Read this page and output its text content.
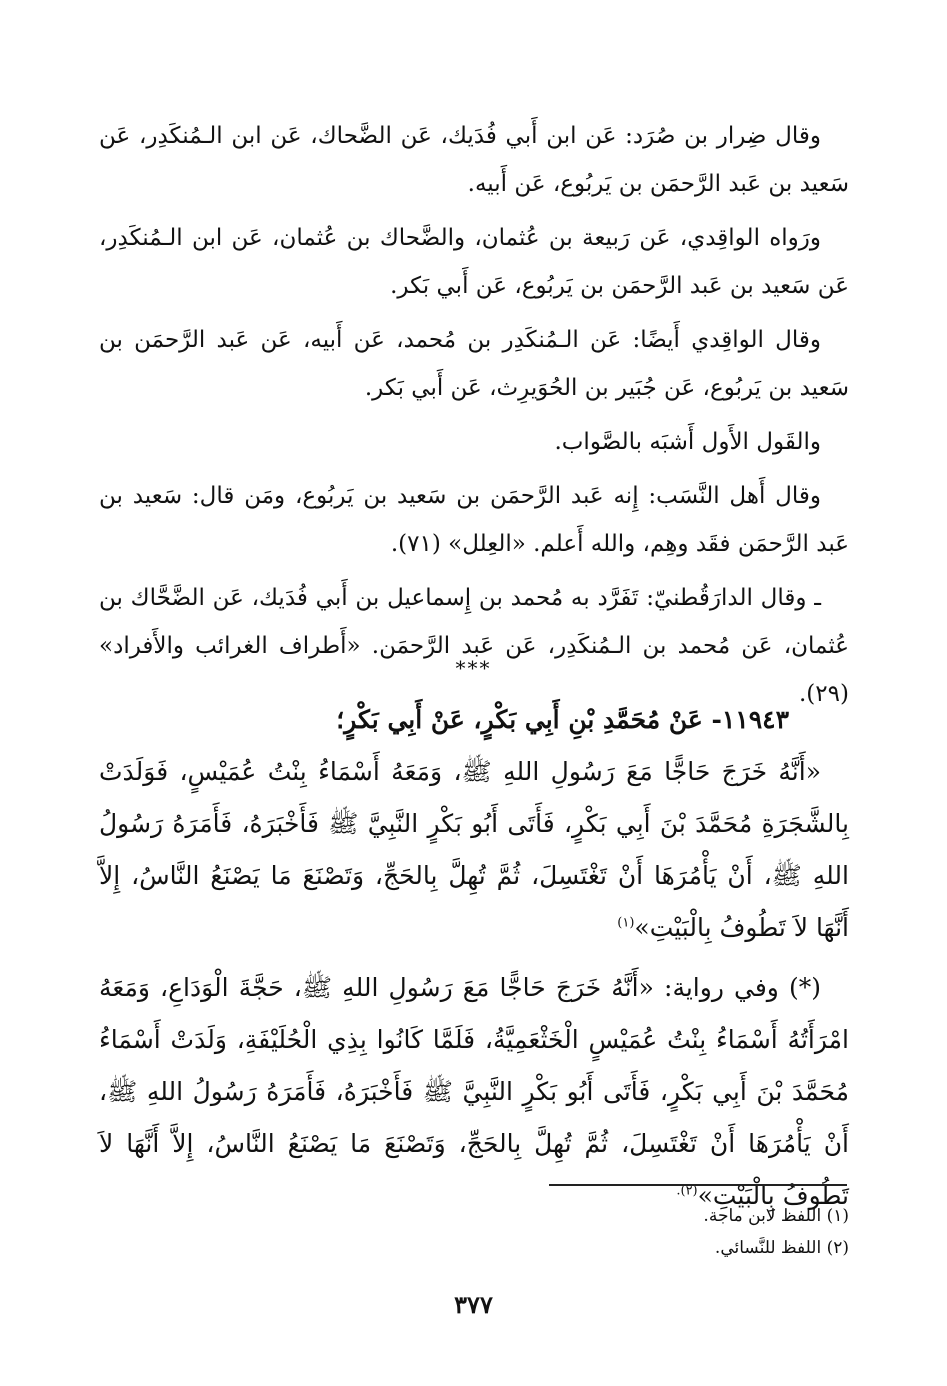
وقال ضِرار بن صُرَد: عَن ابن أَبي فُدَيك، عَن الضَّحاك، عَن ابن الـمُنكَدِر، عَن سَعيد بن عَبد الرَّحمَن بن يَربُوع، عَن أَبيه.

ورَواه الواقِدي، عَن رَبيعة بن عُثمان، والضَّحاك بن عُثمان، عَن ابن الـمُنكَدِر، عَن سَعيد بن عَبد الرَّحمَن بن يَربُوع، عَن أَبي بَكر.

وقال الواقِدي أَيضًا: عَن الـمُنكَدِر بن مُحمد، عَن أَبيه، عَن عَبد الرَّحمَن بن سَعيد بن يَربُوع، عَن جُبَير بن الحُوَيرِث، عَن أَبي بَكر.

والقَول الأَول أَشبَه بالصَّواب.

وقال أَهل النَّسَب: إِنه عَبد الرَّحمَن بن سَعيد بن يَربُوع، ومَن قال: سَعيد بن عَبد الرَّحمَن فقَد وهِم، والله أَعلم. «العِلل» (٧١).

ـ وقال الدارَقُطنيّ: تَفَرَّد به مُحمد بن إِسماعيل بن أَبي فُدَيك، عَن الضَّحَّاك بن عُثمان، عَن مُحمد بن الـمُنكَدِر، عَن عَبد الرَّحمَن. «أَطراف الغرائب والأَفراد» (٢٩).

***

١١٩٤٣- عَنْ مُحَمَّدِ بْنِ أَبِي بَكْرٍ، عَنْ أَبِي بَكْرٍ؛

«أَنَّهُ خَرَجَ حَاجًّا مَعَ رَسُولِ اللهِ ﷺ، وَمَعَهُ أَسْمَاءُ بِنْتُ عُمَيْسٍ، فَوَلَدَتْ بِالشَّجَرَةِ مُحَمَّدَ بْنَ أَبِي بَكْرٍ، فَأَتَى أَبُو بَكْرٍ النَّبِيَّ ﷺ فَأَخْبَرَهُ، فَأَمَرَهُ رَسُولُ اللهِ ﷺ، أَنْ يَأْمُرَهَا أَنْ تَغْتَسِلَ، ثُمَّ تُهِلَّ بِالحَجِّ، وَتَصْنَعَ مَا يَصْنَعُ النَّاسُ، إِلاَّ أَنَّهَا لاَ تَطُوفُ بِالْبَيْتِ»$^{(١)}$

(*) وفي رواية: «أَنَّهُ خَرَجَ حَاجًّا مَعَ رَسُولِ اللهِ ﷺ، حَجَّةَ الْوَدَاعِ، وَمَعَهُ امْرَأَتُهُ أَسْمَاءُ بِنْتُ عُمَيْسٍ الْخَثْعَمِيَّةُ، فَلَمَّا كَانُوا بِذِي الْحُلَيْفَةِ، وَلَدَتْ أَسْمَاءُ مُحَمَّدَ بْنَ أَبِي بَكْرٍ، فَأَتَى أَبُو بَكْرٍ النَّبِيَّ ﷺ فَأَخْبَرَهُ، فَأَمَرَهُ رَسُولُ اللهِ ﷺ، أَنْ يَأْمُرَهَا أَنْ تَغْتَسِلَ، ثُمَّ تُهِلَّ بِالحَجِّ، وَتَصْنَعَ مَا يَصْنَعُ النَّاسُ، إِلاَّ أَنَّهَا لاَ تَطُوفُ بِالْبَيْتِ»$^{(٢).}$

(١) اللفظ لابن ماجة.

(٢) اللفظ للنَّسائي.

٣٧٧
